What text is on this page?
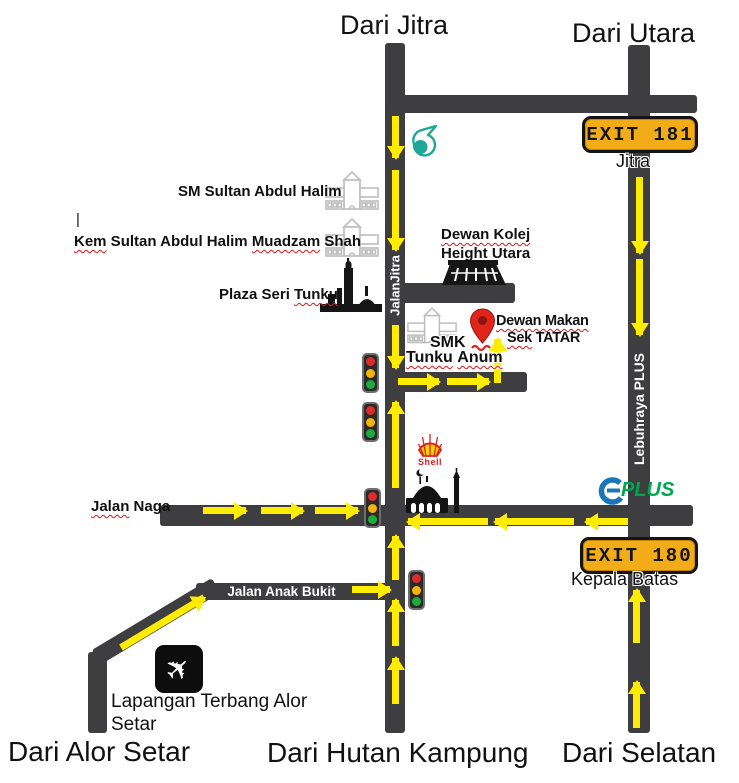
JalanJitra
Lebuhraya PLUS
Jalan Anak Bukit
EXIT 181
Jitra
EXIT 180
Kepala Batas
Dari Jitra	Dari Utara
Dari Alor Setar	Dari Hutan Kampung Dari Selatan
SM Sultan Abdul Halim
|
Kem Sultan Abdul Halim Muadzam Shah
Plaza Seri Tunku
Dewan Kolej
Height Utara
SMK
Tunku Anum
Dewan Makan
Sek TATAR
Jalan Naga
Lapangan Terbang Alor Setar
Shell
PLUS
✈
